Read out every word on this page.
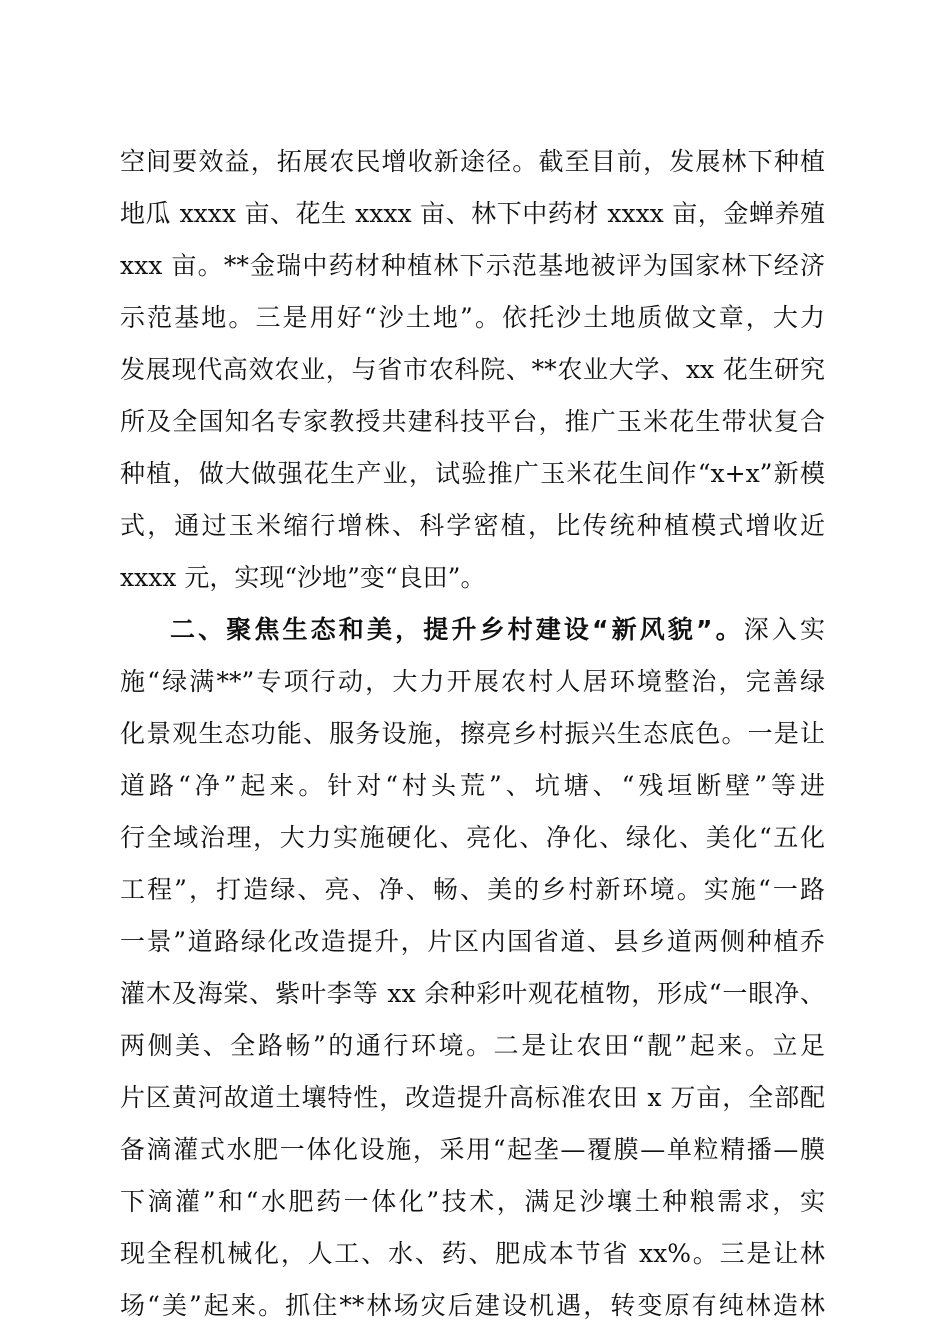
空间要效益，拓展农民增收新途径。截至目前，发展林下种植
地瓜 xxxx 亩、花生 xxxx 亩、林下中药材 xxxx 亩，金蝉养殖
xxx 亩。**金瑞中药材种植林下示范基地被评为国家林下经济
示范基地。三是用好“沙土地”。依托沙土地质做文章，大力
发展现代高效农业，与省市农科院、**农业大学、xx 花生研究
所及全国知名专家教授共建科技平台，推广玉米花生带状复合
种植，做大做强花生产业，试验推广玉米花生间作“x+x”新模
式，通过玉米缩行增株、科学密植，比传统种植模式增收近
xxxx 元，实现“沙地”变“良田”。
二、聚焦生态和美，提升乡村建设“新风貌”。深入实
施“绿满**”专项行动，大力开展农村人居环境整治，完善绿
化景观生态功能、服务设施，擦亮乡村振兴生态底色。一是让
道路“净”起来。针对“村头荒”、坑塘、“残垣断壁”等进
行全域治理，大力实施硬化、亮化、净化、绿化、美化“五化
工程”，打造绿、亮、净、畅、美的乡村新环境。实施“一路
一景”道路绿化改造提升，片区内国省道、县乡道两侧种植乔
灌木及海棠、紫叶李等 xx 余种彩叶观花植物，形成“一眼净、
两侧美、全路畅”的通行环境。二是让农田“靓”起来。立足
片区黄河故道土壤特性，改造提升高标准农田 x 万亩，全部配
备滴灌式水肥一体化设施，采用“起垄—覆膜—单粒精播—膜
下滴灌”和“水肥药一体化”技术，满足沙壤土种粮需求，实
现全程机械化，人工、水、药、肥成本节省 xx%。三是让林
场“美”起来。抓住**林场灾后建设机遇，转变原有纯林造林
